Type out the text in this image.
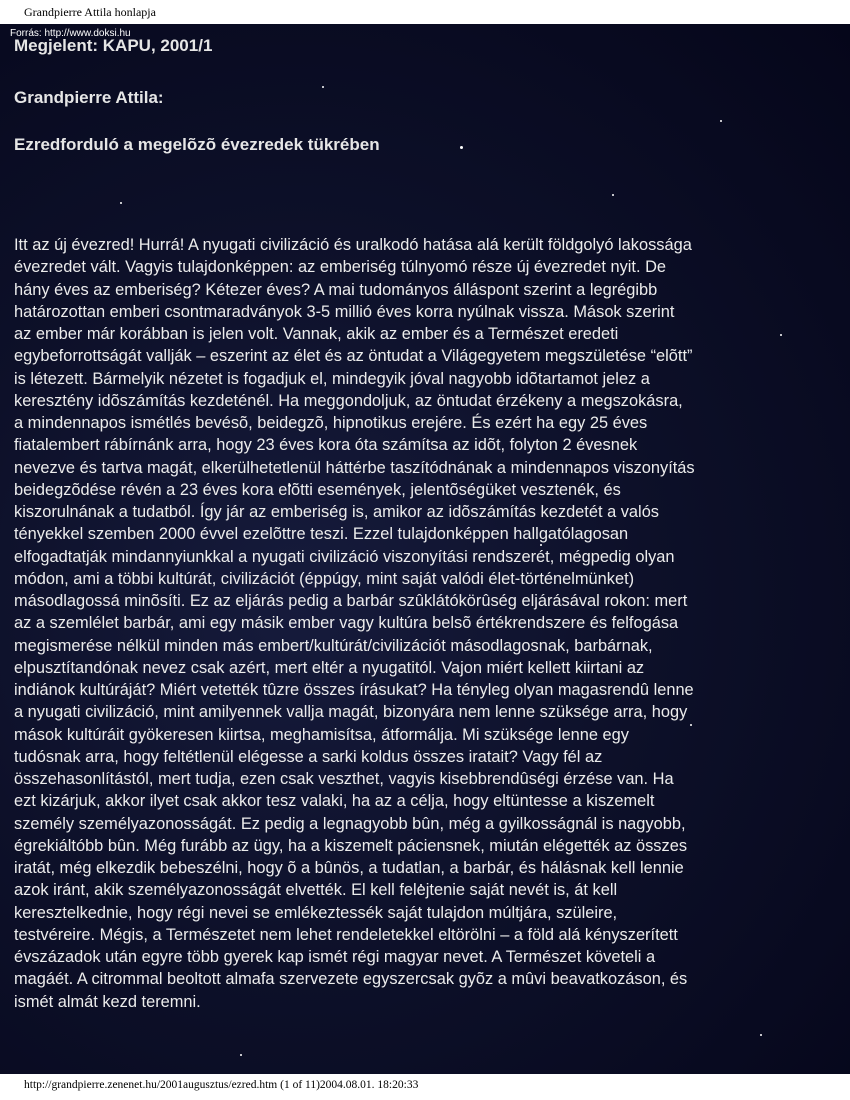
Grandpierre Attila honlapja
Forrás: http://www.doksi.hu
Megjelent: KAPU, 2001/1
Grandpierre Attila:
Ezredforduló a megelõzõ évezredek tükrében

Itt az új évezred! Hurrá! A nyugati civilizáció és uralkodó hatása alá került földgolyó lakossága
évezredet vált. Vagyis tulajdonképpen: az emberiség túlnyomó része új évezredet nyit. De
hány éves az emberiség? Kétezer éves? A mai tudományos álláspont szerint a legrégibb
határozottan emberi csontmaradványok 3-5 millió éves korra nyúlnak vissza. Mások szerint
az ember már korábban is jelen volt. Vannak, akik az ember és a Természet eredeti
egybeforrottságát vallják – eszerint az élet és az öntudat a Világegyetem megszületése “elõtt”
is létezett. Bármelyik nézetet is fogadjuk el, mindegyik jóval nagyobb idõtartamot jelez a
keresztény idõszámítás kezdeténél. Ha meggondoljuk, az öntudat érzékeny a megszokásra,
a mindennapos ismétlés bevésõ, beidegzõ, hipnotikus erejére. És ezért ha egy 25 éves
fiatalembert rábírnánk arra, hogy 23 éves kora óta számítsa az idõt, folyton 2 évesnek
nevezve és tartva magát, elkerülhetetlenül háttérbe taszítódnának a mindennapos viszonyítás
beidegzõdése révén a 23 éves kora elõtti események, jelentõségüket vesztenék, és
kiszorulnának a tudatból. Így jár az emberiség is, amikor az idõszámítás kezdetét a valós
tényekkel szemben 2000 évvel ezelõttre teszi. Ezzel tulajdonképpen hallgatólagosan
elfogadtatják mindannyiunkkal a nyugati civilizáció viszonyítási rendszerét, mégpedig olyan
módon, ami a többi kultúrát, civilizációt (éppúgy, mint saját valódi élet-történelmünket)
másodlagossá minõsíti. Ez az eljárás pedig a barbár szûklátókörûség eljárásával rokon: mert
az a szemlélet barbár, ami egy másik ember vagy kultúra belsõ értékrendszere és felfogása
megismerése nélkül minden más embert/kultúrát/civilizációt másodlagosnak, barbárnak,
elpusztítandónak nevez csak azért, mert eltér a nyugatitól. Vajon miért kellett kiirtani az
indiánok kultúráját? Miért vetették tûzre összes írásukat? Ha tényleg olyan magasrendû lenne
a nyugati civilizáció, mint amilyennek vallja magát, bizonyára nem lenne szüksége arra, hogy
mások kultúráit gyökeresen kiirtsa, meghamisítsa, átformálja. Mi szüksége lenne egy
tudósnak arra, hogy feltétlenül elégesse a sarki koldus összes iratait? Vagy fél az
összehasonlítástól, mert tudja, ezen csak veszthet, vagyis kisebbrendûségi érzése van. Ha
ezt kizárjuk, akkor ilyet csak akkor tesz valaki, ha az a célja, hogy eltüntesse a kiszemelt
személy személyazonosságát. Ez pedig a legnagyobb bûn, még a gyilkosságnál is nagyobb,
égrekiáltóbb bûn. Még furább az ügy, ha a kiszemelt páciensnek, miután elégették az összes
iratát, még elkezdik bebeszélni, hogy õ a bûnös, a tudatlan, a barbár, és hálásnak kell lennie
azok iránt, akik személyazonosságát elvették. El kell felejtenie saját nevét is, át kell
keresztelkednie, hogy régi nevei se emlékeztessék saját tulajdon múltjára, szüleire,
testvéreire. Mégis, a Természetet nem lehet rendeletekkel eltörölni – a föld alá kényszerített
évszázadok után egyre több gyerek kap ismét régi magyar nevet. A Természet követeli a
magáét. A citrommal beoltott almafa szervezete egyszercsak gyõz a mûvi beavatkozáson, és
ismét almát kezd teremni.

http://grandpierre.zenenet.hu/2001augusztus/ezred.htm (1 of 11)2004.08.01. 18:20:33
